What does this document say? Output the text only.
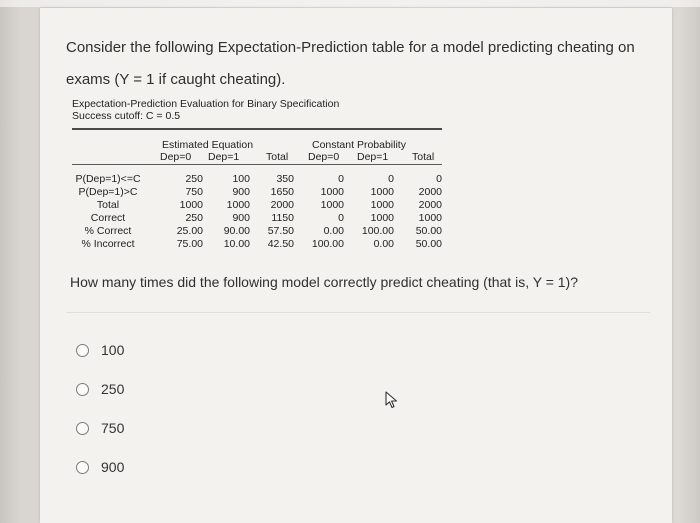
Consider the following Expectation-Prediction table for a model predicting cheating on

exams (Y = 1 if caught cheating).

Expectation-Prediction Evaluation for Binary Specification
Success cutoff: C = 0.5
Estimated Equation	Constant Probability
Dep=0 Dep=1	Total Dep=0 Dep=1 Total
P(Dep=1)<=C	250	100	350	0	0	0
P(Dep=1)>C	750	900 1650	1000	1000 2000
Total	1000 1000 2000	1000	1000 2000
Correct	250	900 1150	0	1000 1000
% Correct	25.00 90.00 57.50	0.00 100.00 50.00
% Incorrect	75.00 10.00 42.50 100.00	0.00 50.00
How many times did the following model correctly predict cheating (that is, Y = 1)?
100
250
750
900
